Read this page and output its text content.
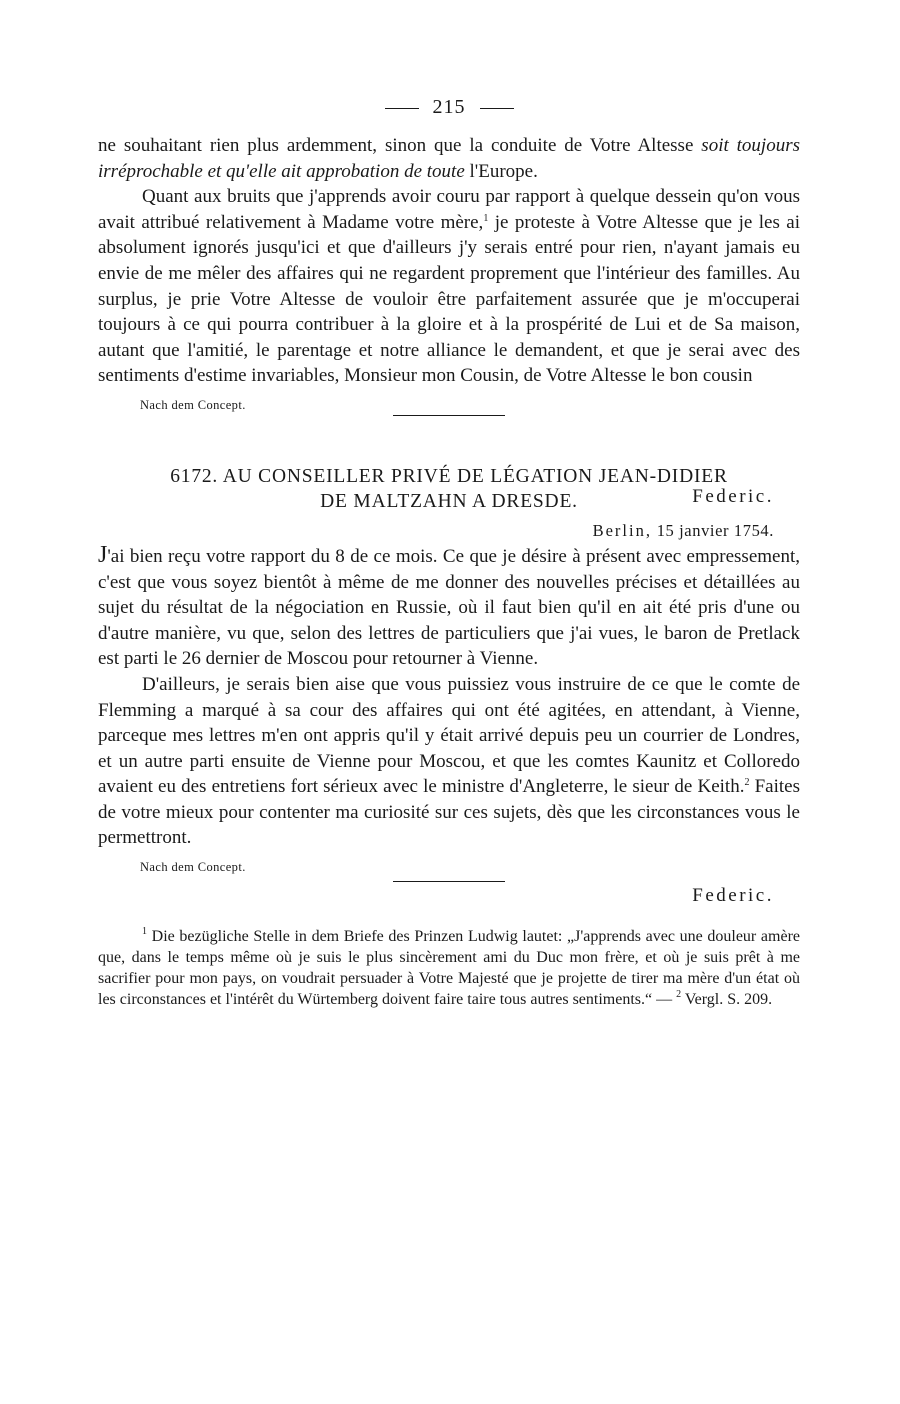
215

ne souhaitant rien plus ardemment, sinon que la conduite de Votre Altesse soit toujours irréprochable et qu'elle ait approbation de toute l'Europe.

Quant aux bruits que j'apprends avoir couru par rapport à quelque dessein qu'on vous avait attribué relativement à Madame votre mère,$^1$ je proteste à Votre Altesse que je les ai absolument ignorés jusqu'ici et que d'ailleurs j'y serais entré pour rien, n'ayant jamais eu envie de me mêler des affaires qui ne regardent proprement que l'intérieur des familles. Au surplus, je prie Votre Altesse de vouloir être parfaitement assurée que je m'occuperai toujours à ce qui pourra contribuer à la gloire et à la prospérité de Lui et de Sa maison, autant que l'amitié, le parentage et notre alliance le demandent, et que je serai avec des sentiments d'estime invariables, Monsieur mon Cousin, de Votre Altesse le bon cousin

Federic.
Nach dem Concept.
6172. AU CONSEILLER PRIVÉ DE LÉGATION JEAN-DIDIER
DE MALTZAHN A DRESDE.
Berlin, 15 janvier 1754.

J'ai bien reçu votre rapport du 8 de ce mois. Ce que je désire à présent avec empressement, c'est que vous soyez bientôt à même de me donner des nouvelles précises et détaillées au sujet du résultat de la négociation en Russie, où il faut bien qu'il en ait été pris d'une ou d'autre manière, vu que, selon des lettres de particuliers que j'ai vues, le baron de Pretlack est parti le 26 dernier de Moscou pour retourner à Vienne.

D'ailleurs, je serais bien aise que vous puissiez vous instruire de ce que le comte de Flemming a marqué à sa cour des affaires qui ont été agitées, en attendant, à Vienne, parceque mes lettres m'en ont appris qu'il y était arrivé depuis peu un courrier de Londres, et un autre parti ensuite de Vienne pour Moscou, et que les comtes Kaunitz et Colloredo avaient eu des entretiens fort sérieux avec le ministre d'Angleterre, le sieur de Keith.$^2$ Faites de votre mieux pour contenter ma curiosité sur ces sujets, dès que les circonstances vous le permettront.

Federic.
Nach dem Concept.

$^1$ Die bezügliche Stelle in dem Briefe des Prinzen Ludwig lautet: „J'apprends avec une douleur amère que, dans le temps même où je suis le plus sincèrement ami du Duc mon frère, et où je suis prêt à me sacrifier pour mon pays, on voudrait persuader à Votre Majesté que je projette de tirer ma mère d'un état où les circonstances et l'intérêt du Würtemberg doivent faire taire tous autres sentiments.“ — $^2$ Vergl. S. 209.
